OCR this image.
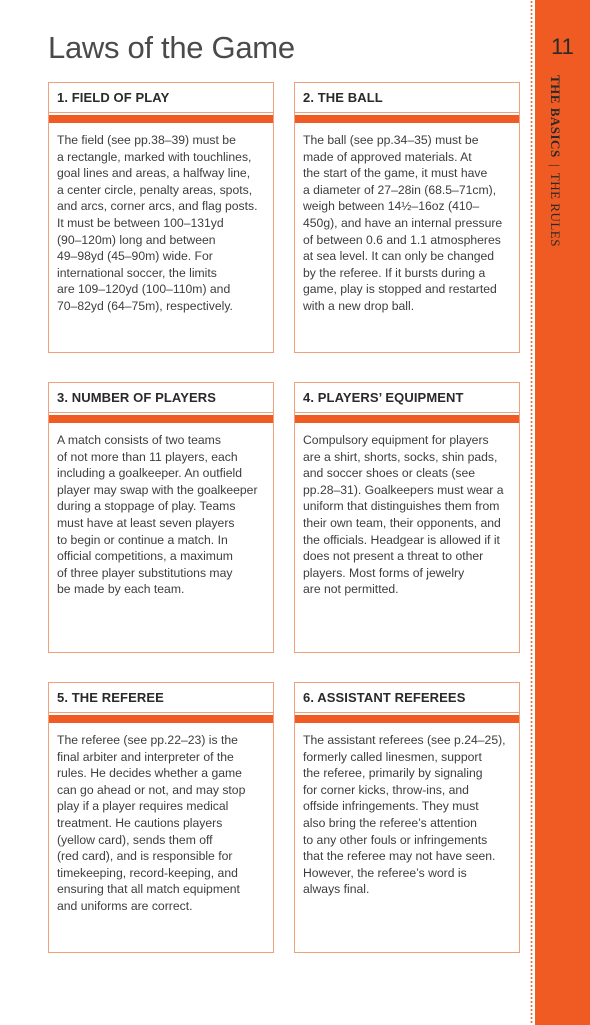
Laws of the Game
1. FIELD OF PLAY
The field (see pp.38–39) must be
a rectangle, marked with touchlines,
goal lines and areas, a halfway line,
a center circle, penalty areas, spots,
and arcs, corner arcs, and flag posts.
It must be between 100–131yd
(90–120m) long and between
49–98yd (45–90m) wide. For
international soccer, the limits
are 109–120yd (100–110m) and
70–82yd (64–75m), respectively.
2. THE BALL
The ball (see pp.34–35) must be
made of approved materials. At
the start of the game, it must have
a diameter of 27–28in (68.5–71cm),
weigh between 14½–16oz (410–
450g), and have an internal pressure
of between 0.6 and 1.1 atmospheres
at sea level. It can only be changed
by the referee. If it bursts during a
game, play is stopped and restarted
with a new drop ball.
3. NUMBER OF PLAYERS
A match consists of two teams
of not more than 11 players, each
including a goalkeeper. An outfield
player may swap with the goalkeeper
during a stoppage of play. Teams
must have at least seven players
to begin or continue a match. In
official competitions, a maximum
of three player substitutions may
be made by each team.
4. PLAYERS’ EQUIPMENT
Compulsory equipment for players
are a shirt, shorts, socks, shin pads,
and soccer shoes or cleats (see
pp.28–31). Goalkeepers must wear a
uniform that distinguishes them from
their own team, their opponents, and
the officials. Headgear is allowed if it
does not present a threat to other
players. Most forms of jewelry
are not permitted.
5. THE REFEREE
The referee (see pp.22–23) is the
final arbiter and interpreter of the
rules. He decides whether a game
can go ahead or not, and may stop
play if a player requires medical
treatment. He cautions players
(yellow card), sends them off
(red card), and is responsible for
timekeeping, record-keeping, and
ensuring that all match equipment
and uniforms are correct.
6. ASSISTANT REFEREES
The assistant referees (see p.24–25),
formerly called linesmen, support
the referee, primarily by signaling
for corner kicks, throw-ins, and
offside infringements. They must
also bring the referee’s attention
to any other fouls or infringements
that the referee may not have seen.
However, the referee’s word is
always final.
11
THE BASICS|THE RULES
